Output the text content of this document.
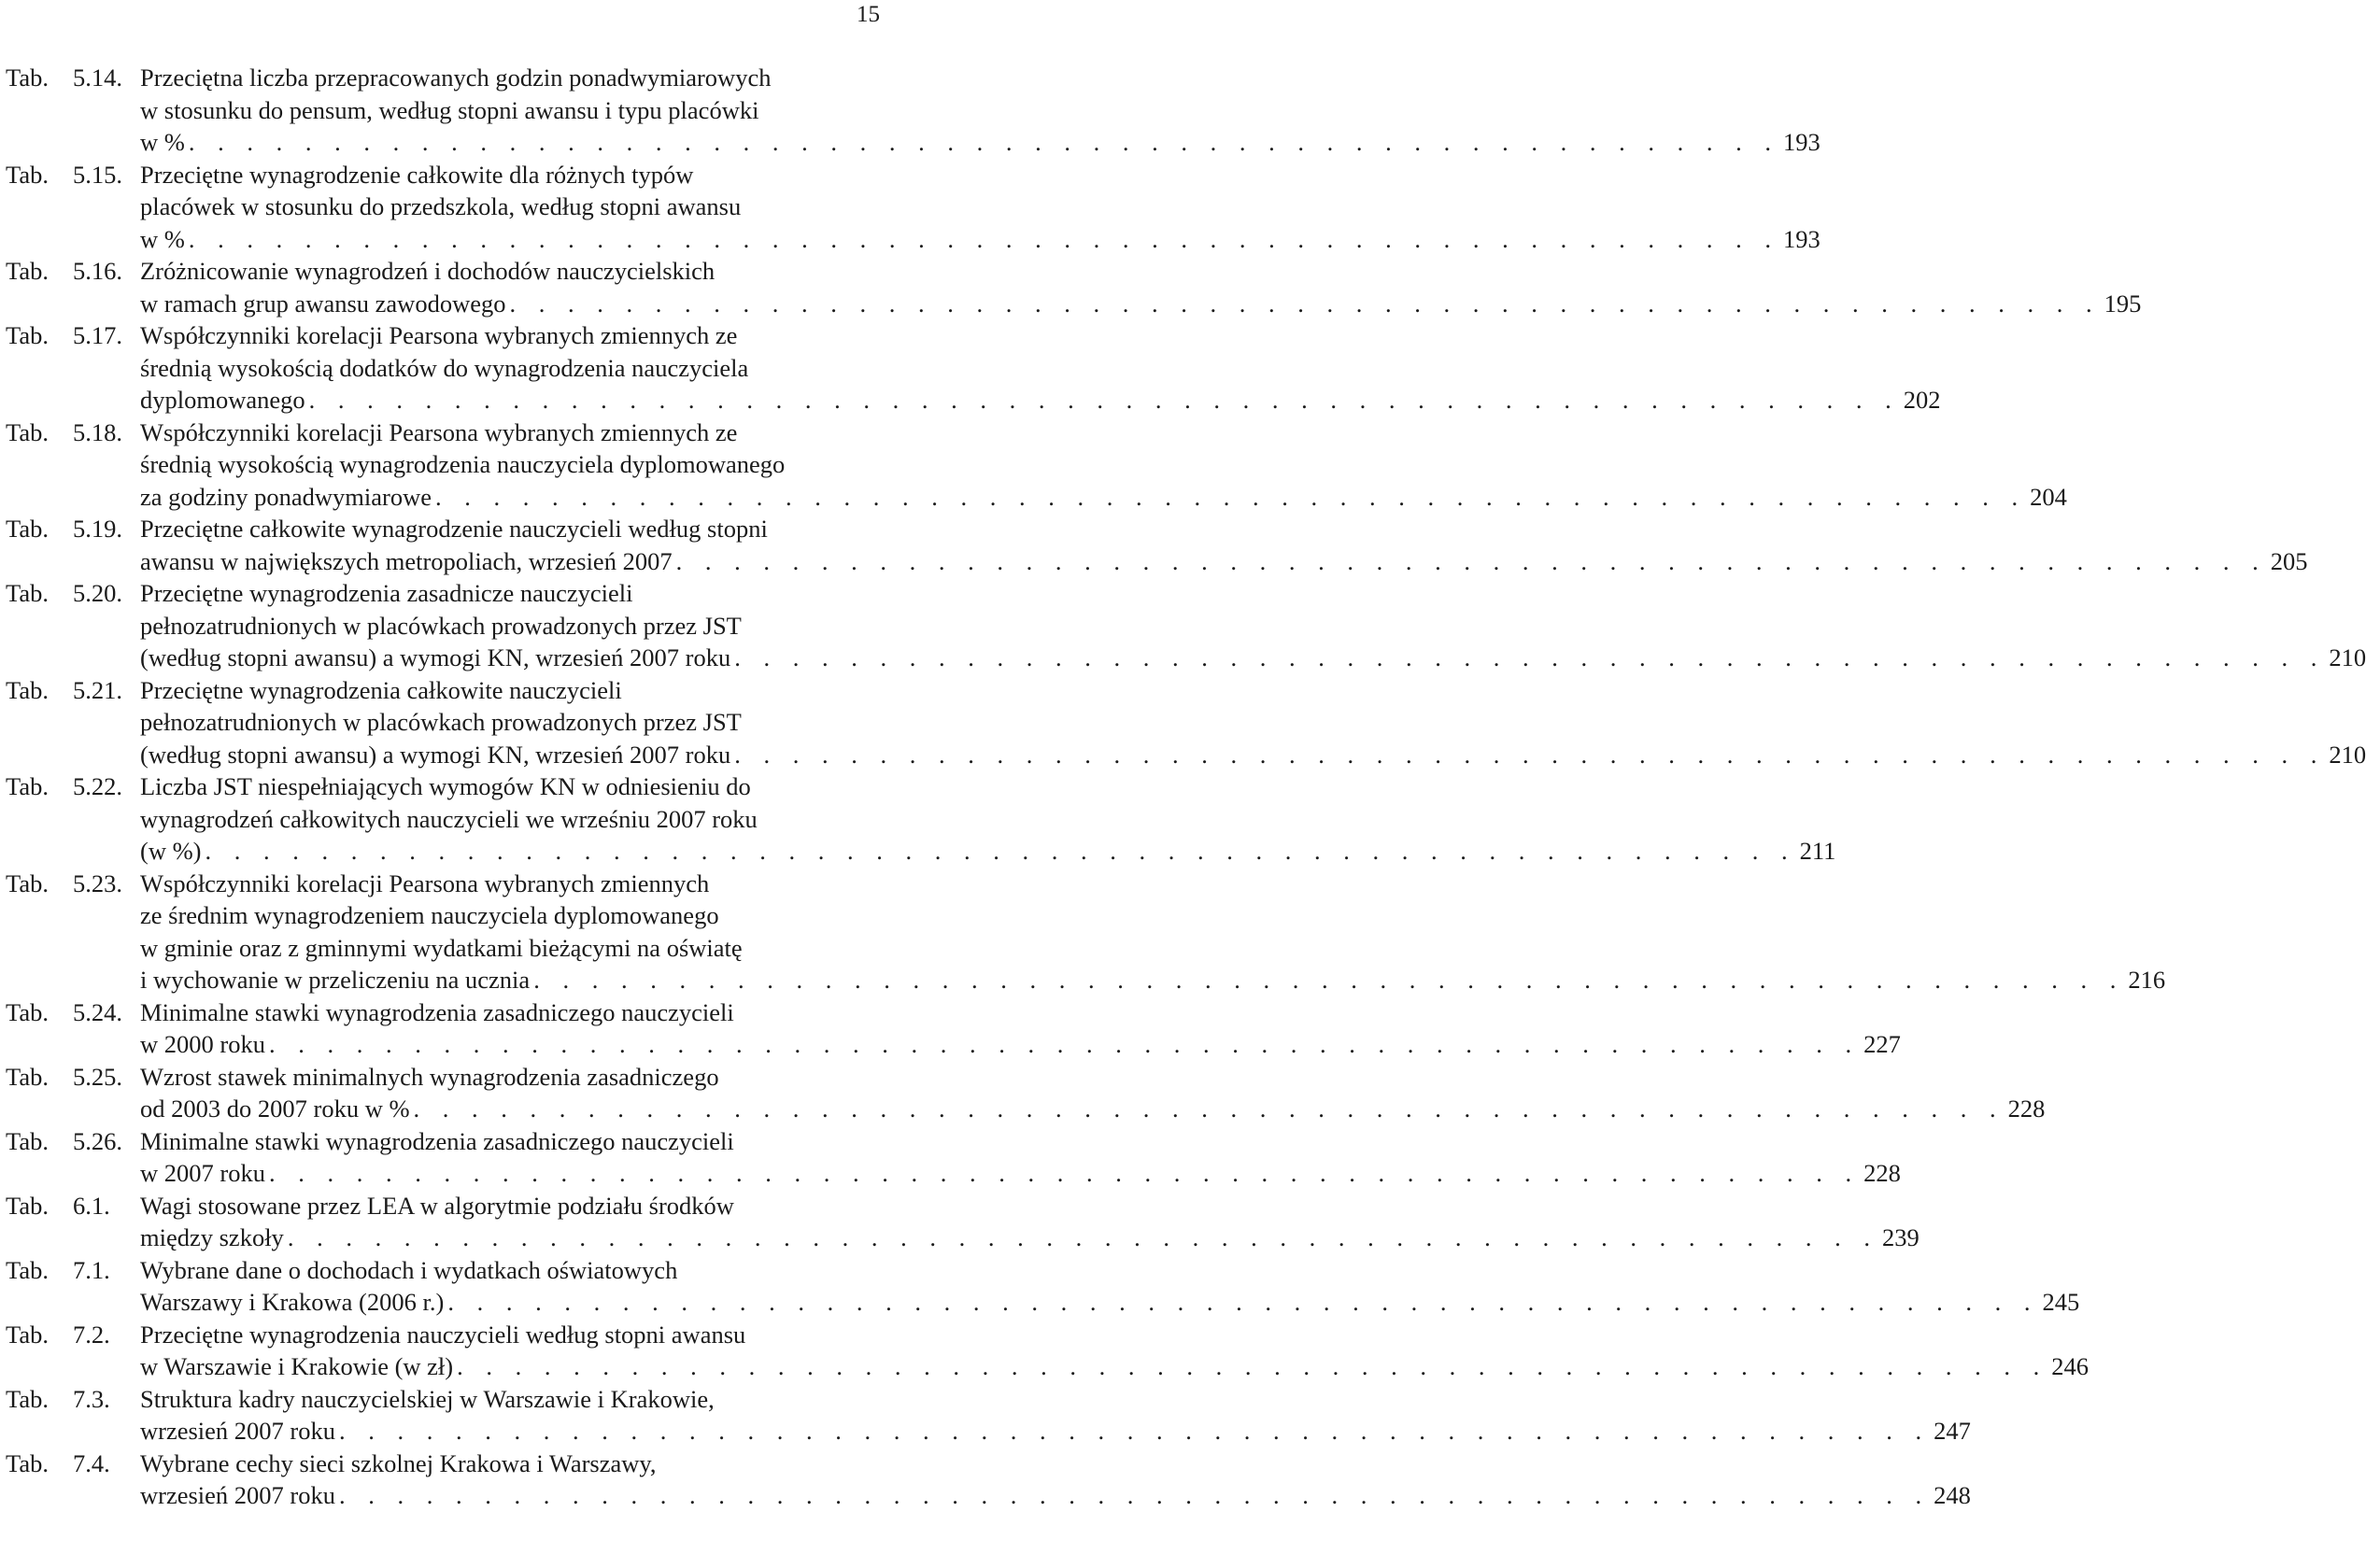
15
Tab. 5.14. Przeciętna liczba przepracowanych godzin ponadwymiarowych
w stosunku do pensum, według stopni awansu i typu placówki
w % . . . . . . . . . . . . . . . . . . . . . . . . . . . . . . . . . . . . . . . . . . . . . . . . . . . . . . . 193
Tab. 5.15. Przeciętne wynagrodzenie całkowite dla różnych typów
placówek w stosunku do przedszkola, według stopni awansu
w % . . . . . . . . . . . . . . . . . . . . . . . . . . . . . . . . . . . . . . . . . . . . . . . . . . . . . . . 193
Tab. 5.16. Zróżnicowanie wynagrodzeń i dochodów nauczycielskich
w ramach grup awansu zawodowego . . . . . . . . . . . . . . . . . . . . . . . . . . . . . . . . . . . . . . . . . . . . . . . . . . . . . . . 195
Tab. 5.17. Współczynniki korelacji Pearsona wybranych zmiennych ze
średnią wysokością dodatków do wynagrodzenia nauczyciela
dyplomowanego . . . . . . . . . . . . . . . . . . . . . . . . . . . . . . . . . . . . . . . . . . . . . . . . . . . . . . . 202
Tab. 5.18. Współczynniki korelacji Pearsona wybranych zmiennych ze
średnią wysokością wynagrodzenia nauczyciela dyplomowanego
za godziny ponadwymiarowe . . . . . . . . . . . . . . . . . . . . . . . . . . . . . . . . . . . . . . . . . . . . . . . . . . . . . . . 204
Tab. 5.19. Przeciętne całkowite wynagrodzenie nauczycieli według stopni
awansu w największych metropoliach, wrzesień 2007 . . . . . . . . . . . . . . . . . . . . . . . . . . . . . . . . . . . . . . . . . . . . . . . . . . . . . . . 205
Tab. 5.20. Przeciętne wynagrodzenia zasadnicze nauczycieli
pełnozatrudnionych w placówkach prowadzonych przez JST
(według stopni awansu) a wymogi KN, wrzesień 2007 roku . . . . . . . . . . . . . . . . . . . . . . . . . . . . . . . . . . . . . . . . . . . . . . . . . . . . . . . 210
Tab. 5.21. Przeciętne wynagrodzenia całkowite nauczycieli
pełnozatrudnionych w placówkach prowadzonych przez JST
(według stopni awansu) a wymogi KN, wrzesień 2007 roku . . . . . . . . . . . . . . . . . . . . . . . . . . . . . . . . . . . . . . . . . . . . . . . . . . . . . . . 210
Tab. 5.22. Liczba JST niespełniających wymogów KN w odniesieniu do
wynagrodzeń całkowitych nauczycieli we wrześniu 2007 roku
(w %) . . . . . . . . . . . . . . . . . . . . . . . . . . . . . . . . . . . . . . . . . . . . . . . . . . . . . . . 211
Tab. 5.23. Współczynniki korelacji Pearsona wybranych zmiennych
ze średnim wynagrodzeniem nauczyciela dyplomowanego
w gminie oraz z gminnymi wydatkami bieżącymi na oświatę
i wychowanie w przeliczeniu na ucznia . . . . . . . . . . . . . . . . . . . . . . . . . . . . . . . . . . . . . . . . . . . . . . . . . . . . . . . 216
Tab. 5.24. Minimalne stawki wynagrodzenia zasadniczego nauczycieli
w 2000 roku . . . . . . . . . . . . . . . . . . . . . . . . . . . . . . . . . . . . . . . . . . . . . . . . . . . . . . . 227
Tab. 5.25. Wzrost stawek minimalnych wynagrodzenia zasadniczego
od 2003 do 2007 roku w % . . . . . . . . . . . . . . . . . . . . . . . . . . . . . . . . . . . . . . . . . . . . . . . . . . . . . . . 228
Tab. 5.26. Minimalne stawki wynagrodzenia zasadniczego nauczycieli
w 2007 roku . . . . . . . . . . . . . . . . . . . . . . . . . . . . . . . . . . . . . . . . . . . . . . . . . . . . . . . 228
Tab. 6.1.	Wagi stosowane przez LEA w algorytmie podziału środków
między szkoły . . . . . . . . . . . . . . . . . . . . . . . . . . . . . . . . . . . . . . . . . . . . . . . . . . . . . . . 239
Tab. 7.1.	Wybrane dane o dochodach i wydatkach oświatowych
Warszawy i Krakowa (2006 r.) . . . . . . . . . . . . . . . . . . . . . . . . . . . . . . . . . . . . . . . . . . . . . . . . . . . . . . . 245
Tab. 7.2.	Przeciętne wynagrodzenia nauczycieli według stopni awansu
w Warszawie i Krakowie (w zł) . . . . . . . . . . . . . . . . . . . . . . . . . . . . . . . . . . . . . . . . . . . . . . . . . . . . . . . 246
Tab. 7.3.	Struktura kadry nauczycielskiej w Warszawie i Krakowie,
wrzesień 2007 roku . . . . . . . . . . . . . . . . . . . . . . . . . . . . . . . . . . . . . . . . . . . . . . . . . . . . . . . 247
Tab. 7.4.	Wybrane cechy sieci szkolnej Krakowa i Warszawy,
wrzesień 2007 roku . . . . . . . . . . . . . . . . . . . . . . . . . . . . . . . . . . . . . . . . . . . . . . . . . . . . . . . 248
